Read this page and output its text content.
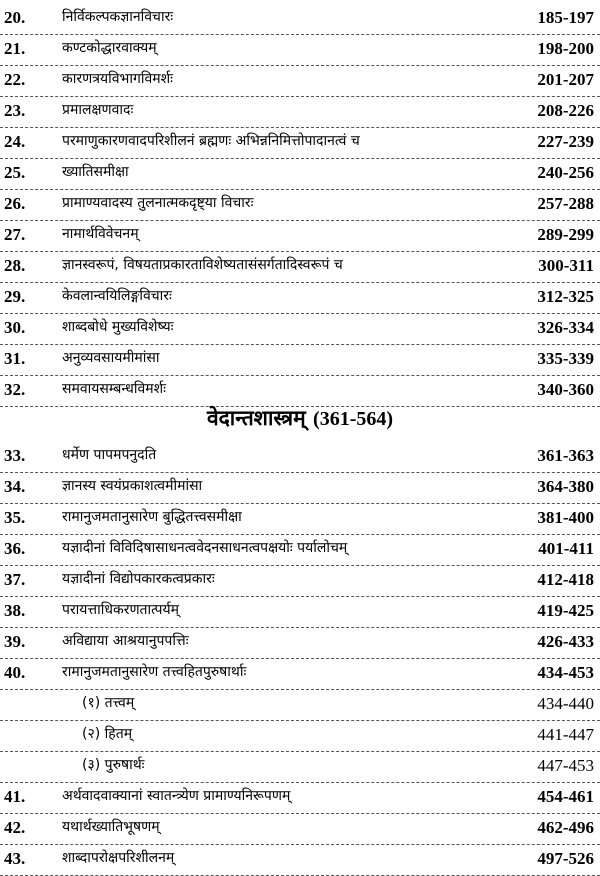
20.	निर्विकल्पकज्ञानविचारः	185-197
21.	कण्टकोद्धारवाक्यम्	198-200
22.	कारणत्रयविभागविमर्शः	201-207
23.	प्रमालक्षणवादः	208-226
24.	परमाणुकारणवादपरिशीलनं ब्रह्मणः अभिन्ननिमित्तोपादानत्वं च	227-239
25.	ख्यातिसमीक्षा	240-256
26.	प्रामाण्यवादस्य तुलनात्मकदृष्ट्या विचारः	257-288
27.	नामार्थविवेचनम्	289-299
28.	ज्ञानस्वरूपं, विषयताप्रकारताविशेष्यतासंसर्गतादिस्वरूपं च	300-311
29.	केवलान्वयिलिङ्गविचारः	312-325
30.	शाब्दबोधे मुख्यविशेष्यः	326-334
31.	अनुव्यवसायमीमांसा	335-339
32.	समवायसम्बन्धविमर्शः	340-360
वेदान्तशास्त्रम् (361-564)
33.	धर्मेण पापमपनुदति	361-363
34.	ज्ञानस्य स्वयंप्रकाशत्वमीमांसा	364-380
35.	रामानुजमतानुसारेण बुद्धितत्त्वसमीक्षा	381-400
36.	यज्ञादीनां विविदिषासाधनत्ववेदनसाधनत्वपक्षयोः पर्यालोचम्	401-411
37.	यज्ञादीनां विद्योपकारकत्वप्रकारः	412-418
38.	परायत्ताधिकरणतात्पर्यम्	419-425
39.	अविद्याया आश्रयानुपपत्तिः	426-433
40.	रामानुजमतानुसारेण तत्त्वहितपुरुषार्थाः	434-453
(१) तत्त्वम्	434-440
(२) हितम्	441-447
(३) पुरुषार्थः	447-453
41.	अर्थवादवाक्यानां स्वातन्त्र्येण प्रामाण्यनिरूपणम्	454-461
42.	यथार्थख्यातिभूषणम्	462-496
43.	शाब्दापरोक्षपरिशीलनम्	497-526
